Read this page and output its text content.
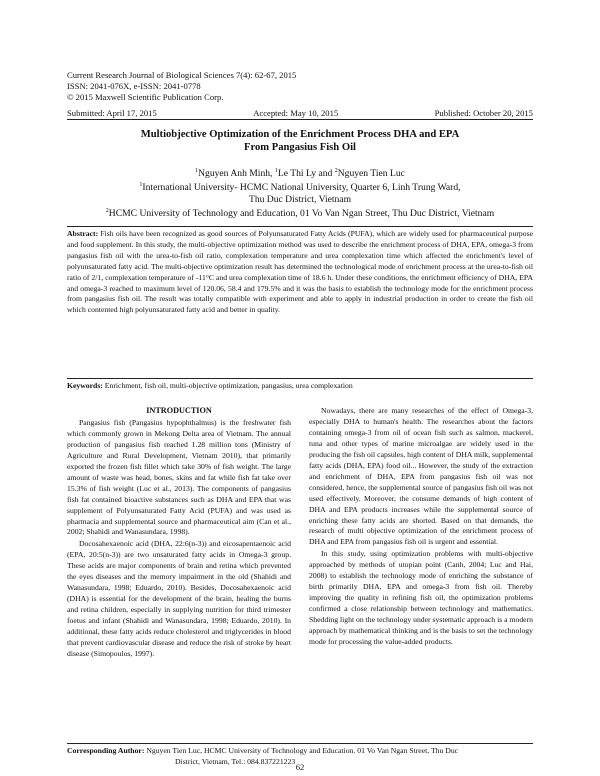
Current Research Journal of Biological Sciences 7(4): 62-67, 2015
ISSN: 2041-076X, e-ISSN: 2041-0778
© 2015 Maxwell Scientific Publication Corp.
Submitted: April 17, 2015	Accepted: May 10, 2015	Published: October 20, 2015
Multiobjective Optimization of the Enrichment Process DHA and EPA
From Pangasius Fish Oil
$^1$Nguyen Anh Minh, $^1$Le Thi Ly and $^2$Nguyen Tien Luc
$^1$International University- HCMC National University, Quarter 6, Linh Trung Ward,
Thu Duc District, Vietnam
$^2$HCMC University of Technology and Education, 01 Vo Van Ngan Street, Thu Duc District, Vietnam
Abstract: Fish oils have been recognized as good sources of Polyunsaturated Fatty Acids (PUFA), which are widely used for pharmaceutical purpose and food supplement. In this study, the multi-objective optimization method was used to describe the enrichment process of DHA, EPA, omega-3 from pangasius fish oil with the urea-to-fish oil ratio, complexation temperature and urea complexation time which affected the enrichment's level of polyunsaturated fatty acid. The multi-objective optimization result has determined the technological mode of enrichment process at the urea-to-fish oil ratio of 2/1, complexation temperature of -11°C and urea complexation time of 18.6 h. Under these conditions, the enrichment efficiency of DHA, EPA and omega-3 reached to maximum level of 120.06, 58.4 and 179.5% and it was the basis to establish the technology mode for the enrichment process from pangasius fish oil. The result was totally compatible with experiment and able to apply in industrial production in order to create the fish oil which contented high polyunsaturated fatty acid and better in quality.
Keywords: Enrichment, fish oil, multi-objective optimization, pangasius, urea complexation

INTRODUCTION

Pangasius fish (Pangasius hypophthalmus) is the freshwater fish which commonly grown in Mekong Delta area of Vietnam. The annual production of pangasius fish reached 1.28 million tons (Ministry of Agriculture and Rural Development, Vietnam 2010), that primarily exported the frozen fish fillet which take 30% of fish weight. The large amount of waste was head, bones, skins and fat while fish fat take over 15.3% of fish weight (Luc et al., 2013). The components of pangasius fish fat contained bioactive substances such as DHA and EPA that was supplement of Polyunsaturated Fatty Acid (PUFA) and was used as pharmacia and supplemental source and pharmaceutical aim (Can et al., 2002; Shahidi and Wanasundara, 1998).

Docosahexaenoic acid (DHA, 22:6(n-3)) and eicosapentaenoic acid (EPA, 20:5(n-3)) are two unsaturated fatty acids in Omega-3 group. These acids are major components of brain and retina which prevented the eyes diseases and the memory impairment in the old (Shahidi and Wanasundara, 1998; Eduardo, 2010). Besides, Docosahexaenoic acid (DHA) is essential for the development of the brain, healing the burns and retina children, especially in supplying nutrition for third trimester foetus and infant (Shahidi and Wanasundara, 1998; Eduardo, 2010). In additional, these fatty acids reduce cholesterol and triglycerides in blood that prevent cardiovascular disease and reduce the risk of stroke by heart disease (Simopoulos, 1997).

Nowadays, there are many researches of the effect of Omega-3, especially DHA to human's health. The researches about the factors containing omega-3 from oil of ocean fish such as salmon, mackerel, tuna and other types of marine microalgae are widely used in the producing the fish oil capsules, high content of DHA milk, supplemental fatty acids (DHA, EPA) food oil... However, the study of the extraction and enrichment of DHA, EPA from pangasius fish oil was not considered, hence, the supplemental source of pangasius fish oil was not used effectively. Moreover, the consume demands of high content of DHA and EPA products increases while the supplemental source of enriching these fatty acids are shorted. Based on that demands, the research of multi objective optimization of the enrichment process of DHA and EPA from pangasius fish oil is urgent and essential.

In this study, using optimization problems with multi-objective approached by methods of utopian point (Canh, 2004; Luc and Hai, 2008) to establish the technology mode of enriching the substance of birth primarily DHA, EPA and omega-3 from fish oil. Thereby improving the quality in refining fish oil, the optimization problems confirmed a close relationship between technology and mathematics. Shedding light on the technology under systematic approach is a modern approach by mathematical thinking and is the basis to set the technology mode for processing the value-added products.

Corresponding Author: Nguyen Tien Luc, HCMC University of Technology and Education. 01 Vo Van Ngan Street, Thu Duc
District, Vietnam, Tel.: 084.837221223
62
